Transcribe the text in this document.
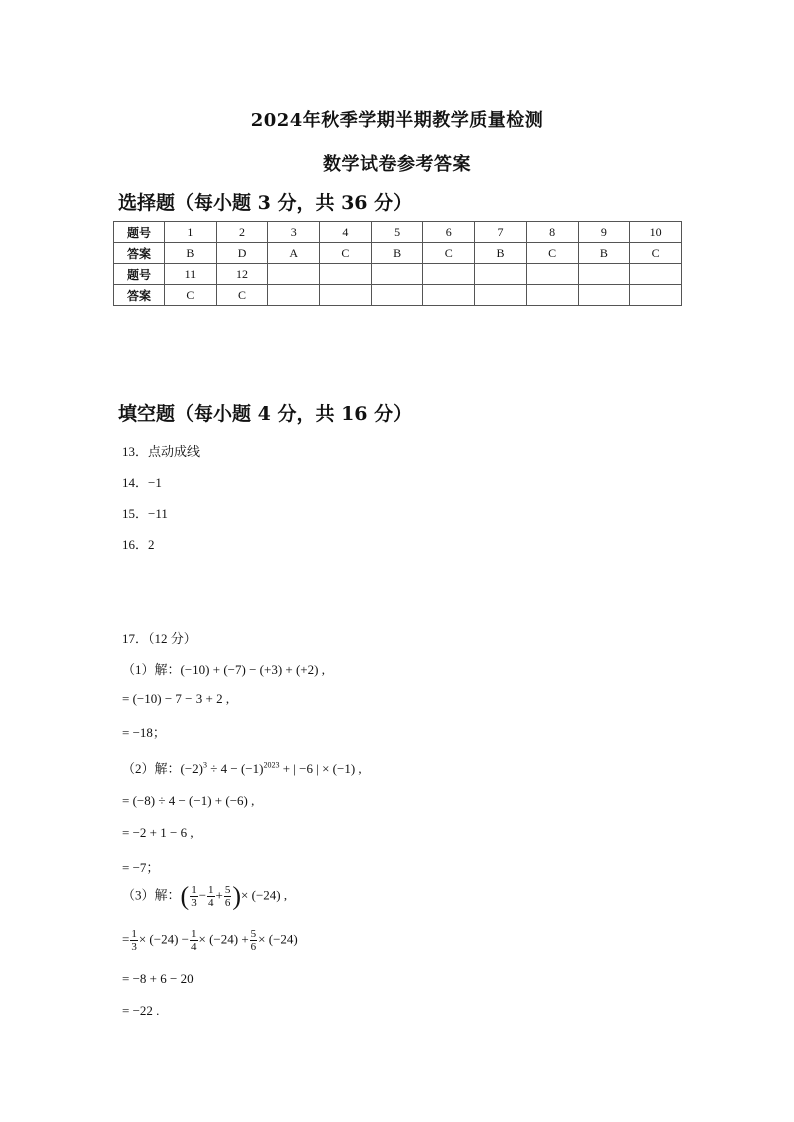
2024年秋季学期半期教学质量检测
数学试卷参考答案
选择题（每小题 3 分，共 36 分）
题号	1	2	3	4	5	6	7	8	9	10
答案	B	D	A	C	B	C	B	C	B	C
题号	11	12								
答案	C	C								
填空题（每小题 4 分，共 16 分）
13．点动成线
14．−1
15．−11
16．2
17．（12 分）
（1）解：(−10) + (−7) − (+3) + (+2) ,
= (−10) − 7 − 3 + 2 ,
= −18；
（2）解：$(-2)^3 \div 4 - (-1)^{2023}$ + | −6 | × (−1) ,
= (−8) ÷ 4 − (−1) + (−6) ,
= −2 + 1 − 6 ,
= −7；
（3）解：( $\frac{1}{3} - \frac{1}{4} + \frac{5}{6}$ )× (−24) ,
= $\frac{1}{3} \times (-24) - \frac{1}{4} \times (-24) + \frac{5}{6} \times (-24)$
= −8 + 6 − 20
= −22 .
